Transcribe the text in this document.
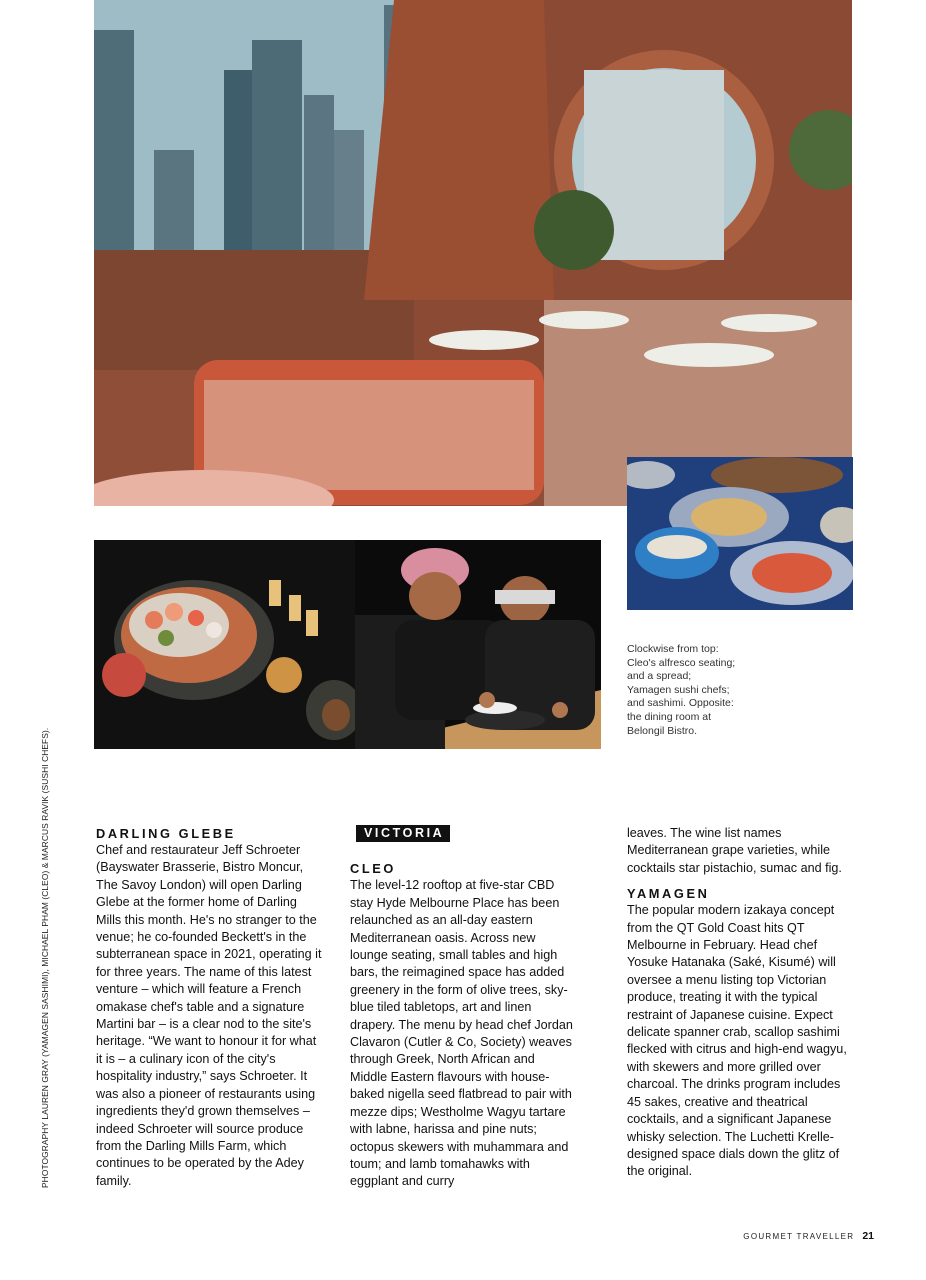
Clockwise from top: Cleo's alfresco seating; and a spread; Yamagen sushi chefs; and sashimi. Opposite: the dining room at Belongil Bistro.
PHOTOGRAPHY LAUREN GRAY (YAMAGEN SASHIMI), MICHAEL PHAM (CLEO) & MARCUS RAVIK (SUSHI CHEFS).	DARLING GLEBE

Chef and restaurateur Jeff Schroeter (Bayswater Brasserie, Bistro Moncur, The Savoy London) will open Darling Glebe at the former home of Darling Mills this month. He's no stranger to the venue; he co-founded Beckett's in the subterranean space in 2021, operating it for three years. The name of this latest venture – which will feature a French omakase chef's table and a signature Martini bar – is a clear nod to the site's heritage. “We want to honour it for what it is – a culinary icon of the city's hospitality industry,” says Schroeter. It was also a pioneer of restaurants using ingredients they'd grown themselves – indeed Schroeter will source produce from the Darling Mills Farm, which continues to be operated by the Adey family.

VICTORIA

CLEO

The level-12 rooftop at five-star CBD stay Hyde Melbourne Place has been relaunched as an all-day eastern Mediterranean oasis. Across new lounge seating, small tables and high bars, the reimagined space has added greenery in the form of olive trees, sky-blue tiled tabletops, art and linen drapery. The menu by head chef Jordan Clavaron (Cutler & Co, Society) weaves through Greek, North African and Middle Eastern flavours with house-baked nigella seed flatbread to pair with mezze dips; Westholme Wagyu tartare with labne, harissa and pine nuts; octopus skewers with muhammara and toum; and lamb tomahawks with eggplant and curry

leaves. The wine list names Mediterranean grape varieties, while cocktails star pistachio, sumac and fig.

YAMAGEN

The popular modern izakaya concept from the QT Gold Coast hits QT Melbourne in February. Head chef Yosuke Hatanaka (Saké, Kisumé) will oversee a menu listing top Victorian produce, treating it with the typical restraint of Japanese cuisine. Expect delicate spanner crab, scallop sashimi flecked with citrus and high-end wagyu, with skewers and more grilled over charcoal. The drinks program includes 45 sakes, creative and theatrical cocktails, and a significant Japanese whisky selection. The Luchetti Krelle-designed space dials down the glitz of the original.

GOURMET TRAVELLER 21
